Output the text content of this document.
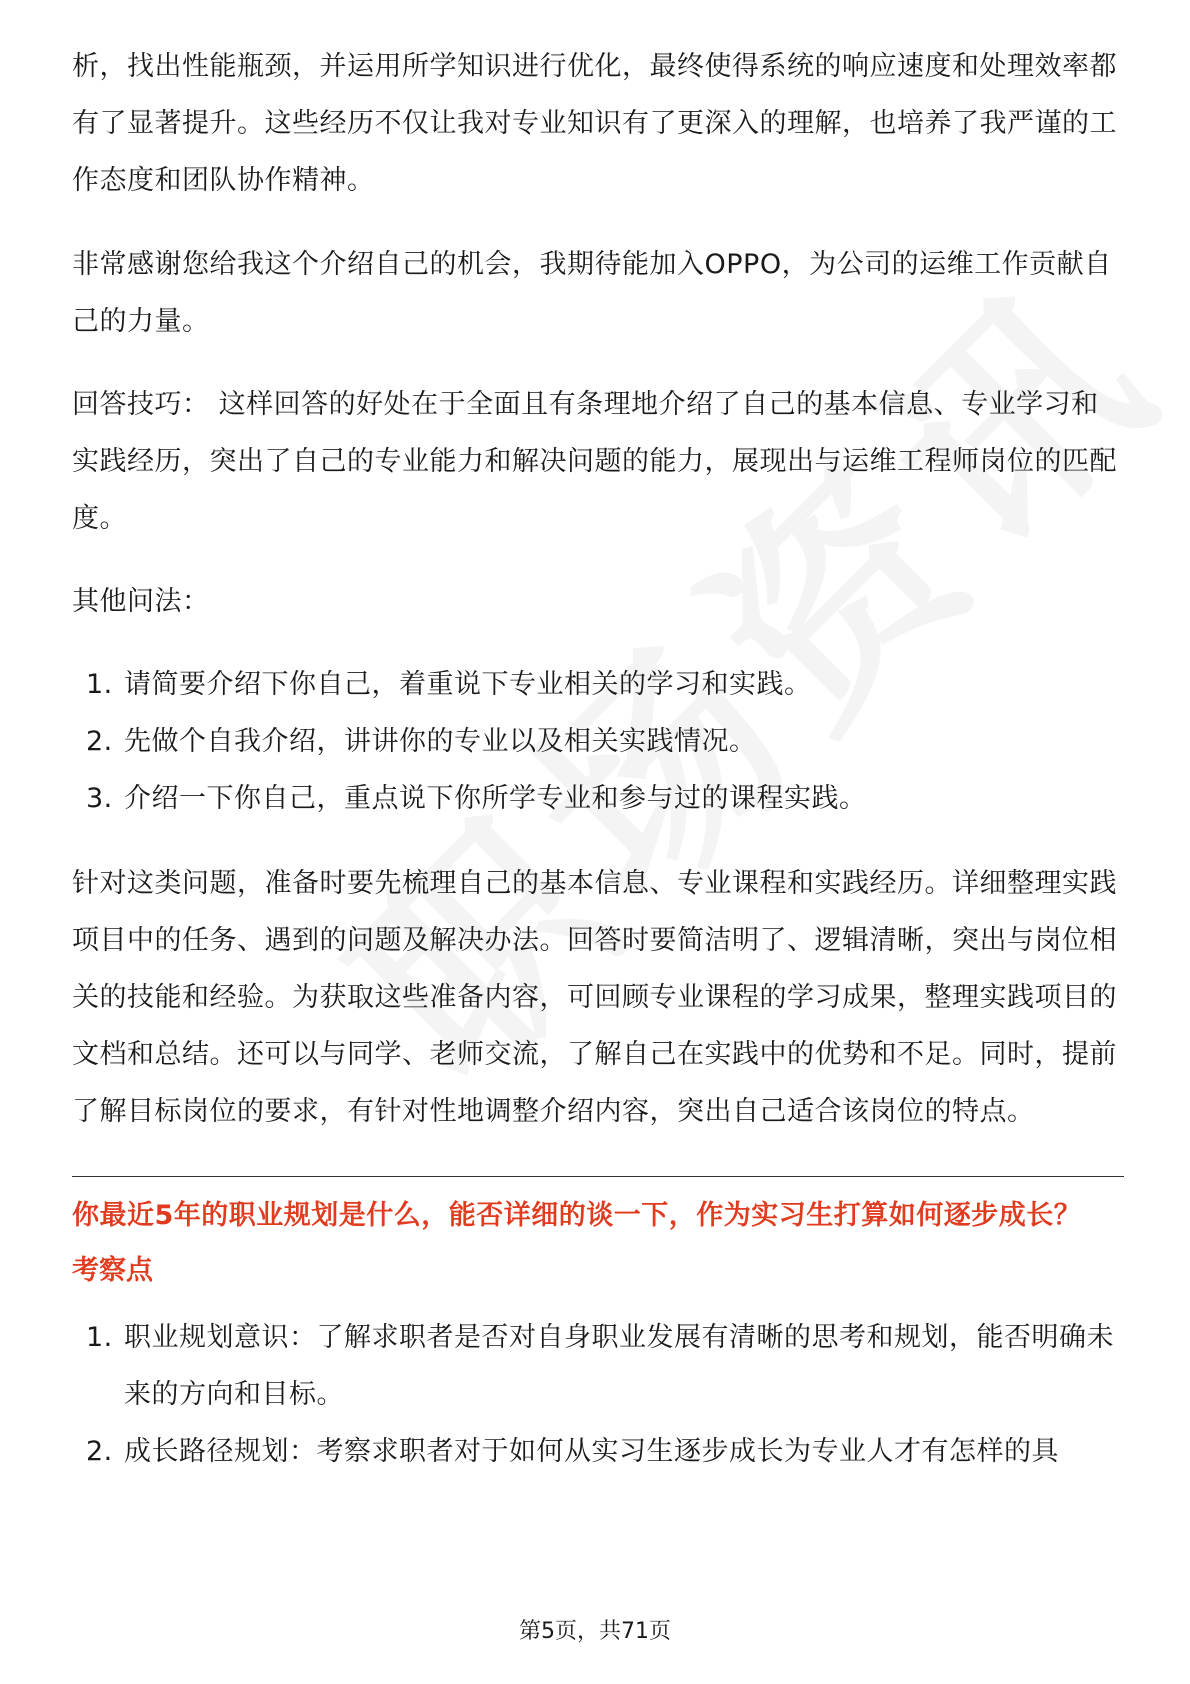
析，找出性能瓶颈，并运用所学知识进行优化，最终使得系统的响应速度和处理效率都有了显著提升。这些经历不仅让我对专业知识有了更深入的理解，也培养了我严谨的工作态度和团队协作精神。

非常感谢您给我这个介绍自己的机会，我期待能加入OPPO，为公司的运维工作贡献自己的力量。

回答技巧： 这样回答的好处在于全面且有条理地介绍了自己的基本信息、专业学习和实践经历，突出了自己的专业能力和解决问题的能力，展现出与运维工程师岗位的匹配度。

其他问法：

1. 请简要介绍下你自己，着重说下专业相关的学习和实践。
2. 先做个自我介绍，讲讲你的专业以及相关实践情况。
3. 介绍一下你自己，重点说下你所学专业和参与过的课程实践。

针对这类问题，准备时要先梳理自己的基本信息、专业课程和实践经历。详细整理实践项目中的任务、遇到的问题及解决办法。回答时要简洁明了、逻辑清晰，突出与岗位相关的技能和经验。为获取这些准备内容，可回顾专业课程的学习成果，整理实践项目的文档和总结。还可以与同学、老师交流，了解自己在实践中的优势和不足。同时，提前了解目标岗位的要求，有针对性地调整介绍内容，突出自己适合该岗位的特点。

你最近5年的职业规划是什么，能否详细的谈一下，作为实习生打算如何逐步成长？
考察点
1. 职业规划意识：了解求职者是否对自身职业发展有清晰的思考和规划，能否明确未来的方向和目标。
2. 成长路径规划：考察求职者对于如何从实习生逐步成长为专业人才有怎样的具
第5页，共71页
